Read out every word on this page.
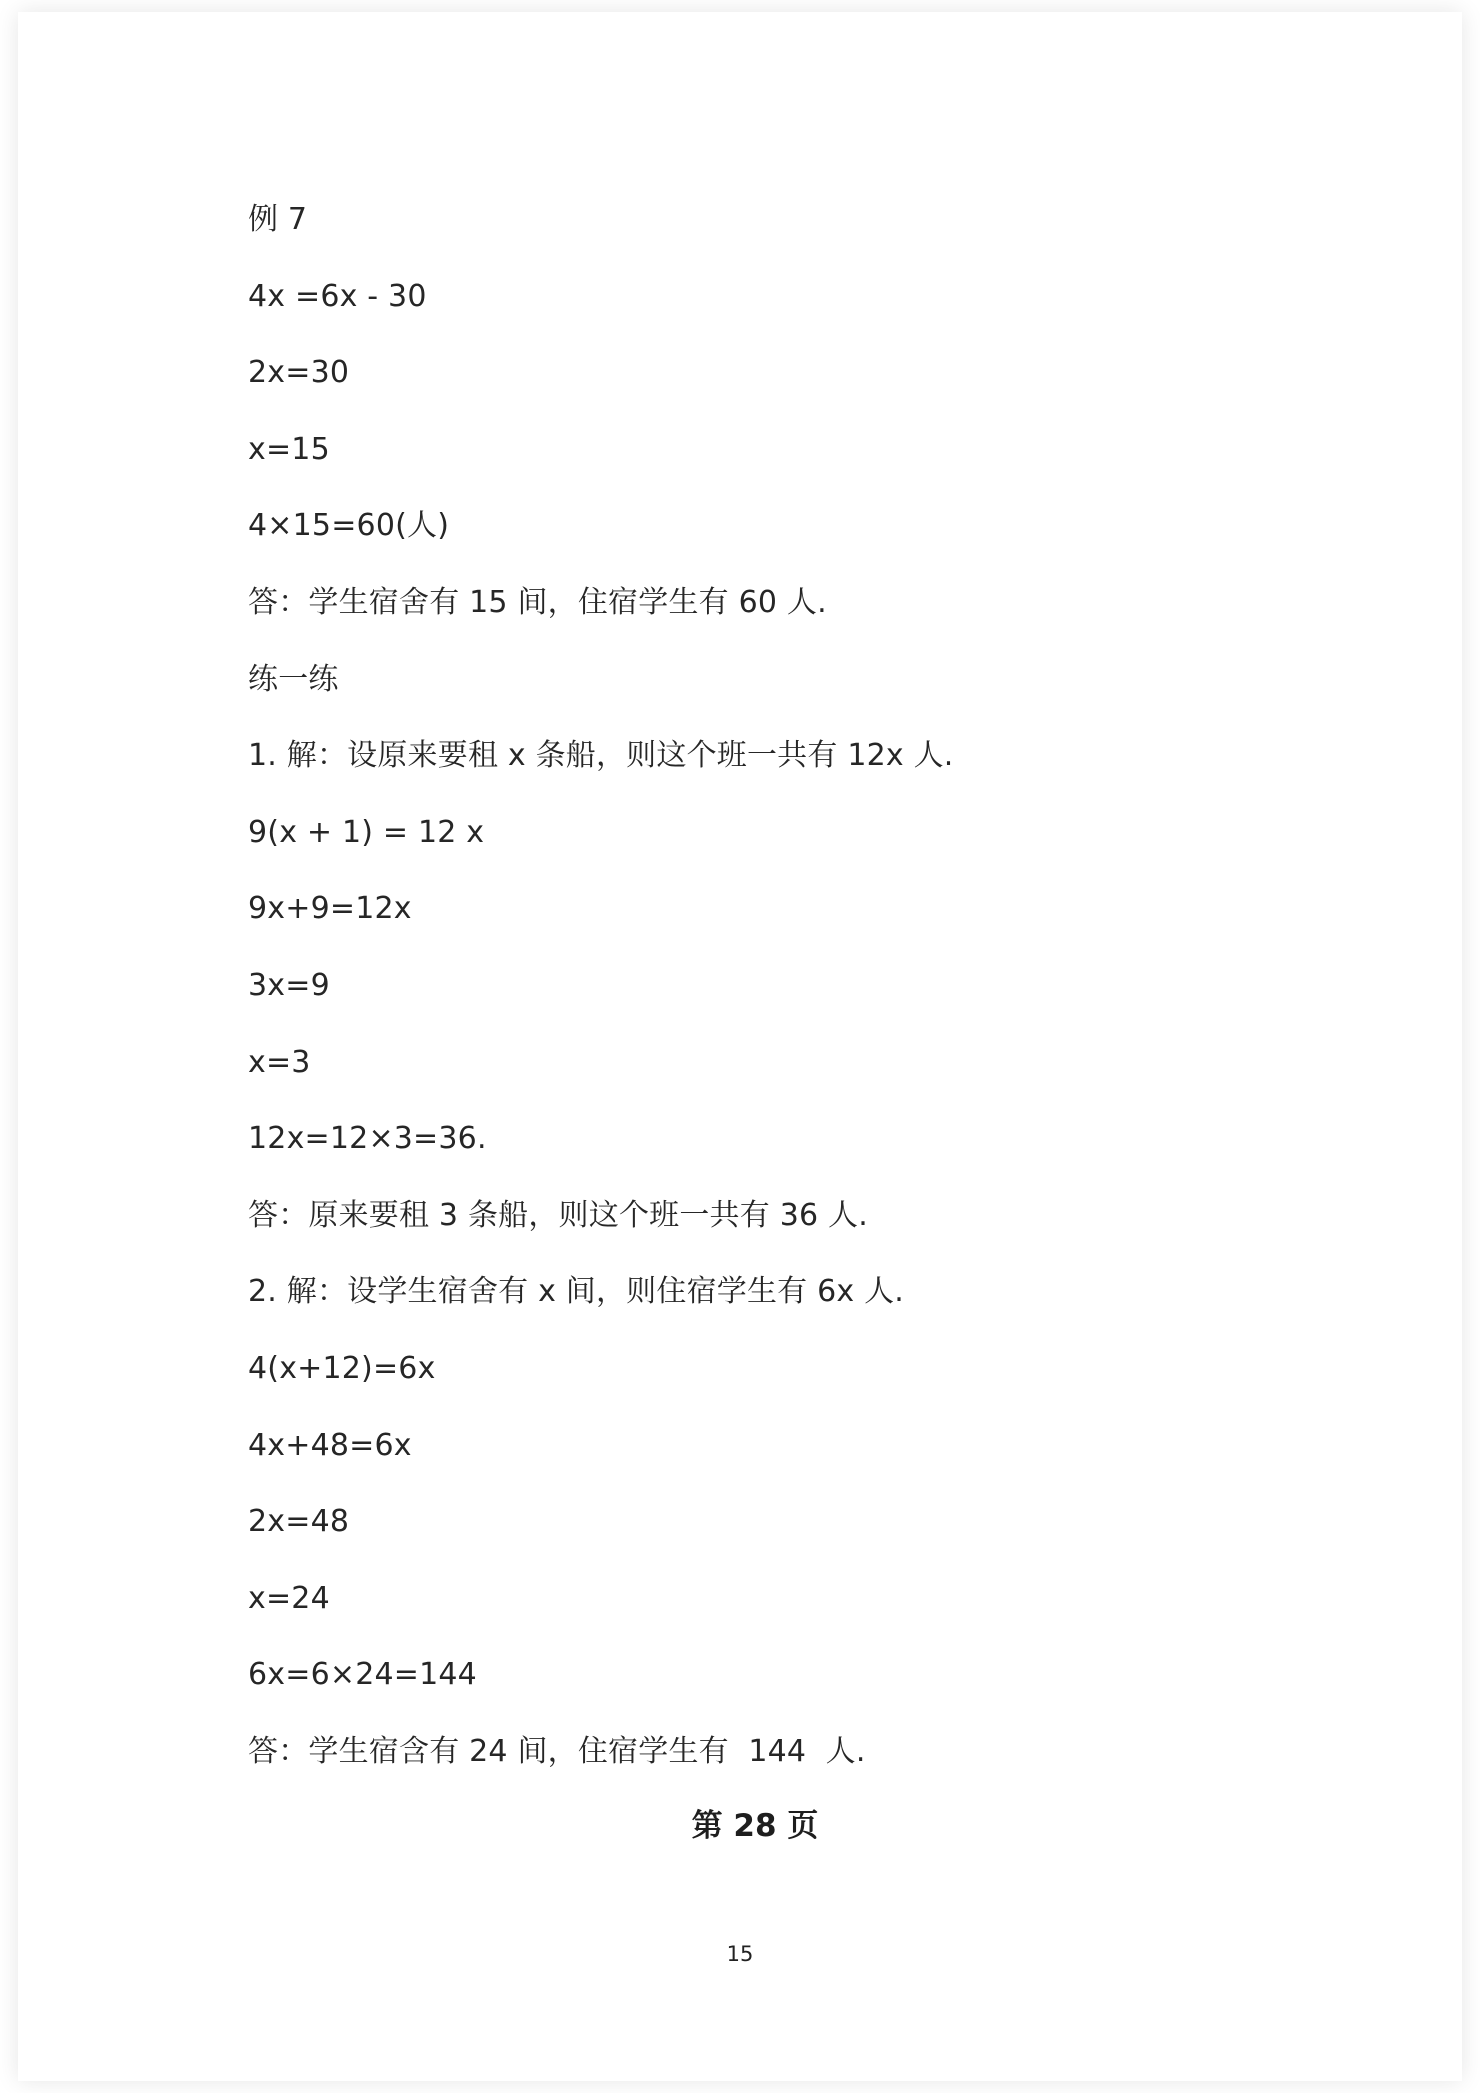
例 7
4x =6x - 30
2x=30
x=15
4×15=60(人)
答：学生宿舍有 15 间，住宿学生有 60 人.
练一练
1. 解：设原来要租 x 条船，则这个班一共有 12x 人.
9(x + 1) = 12 x
9x+9=12x
3x=9
x=3
12x=12×3=36.
答：原来要租 3 条船，则这个班一共有 36 人.
2. 解：设学生宿舍有 x 间，则住宿学生有 6x 人.
4(x+12)=6x
4x+48=6x
2x=48
x=24
6x=6×24=144
答：学生宿含有 24 间，住宿学生有  144  人.
第 28 页
15
